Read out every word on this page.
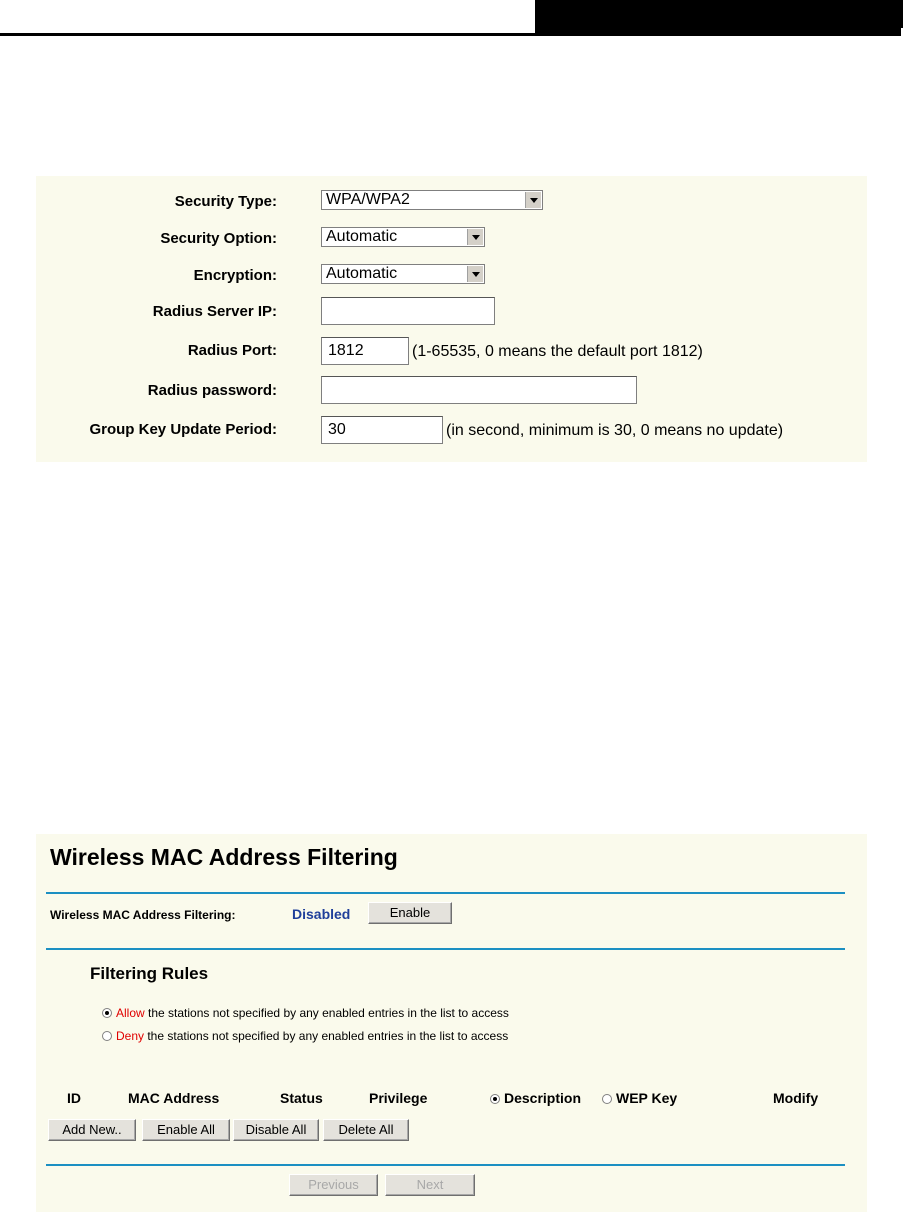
Security Type:	WPA/WPA2
Security Option:	Automatic
Encryption:	Automatic
Radius Server IP:
Radius Port:	1812	(1-65535, 0 means the default port 1812)
Radius password:
Group Key Update Period:	30	(in second, minimum is 30, 0 means no update)
Wireless MAC Address Filtering
Wireless MAC Address Filtering:	Disabled	Enable
Filtering Rules
Allow the stations not specified by any enabled entries in the list to access
Deny the stations not specified by any enabled entries in the list to access
ID	MAC Address	Status	Privilege	Description	WEP Key	Modify
Add New..	Enable All	Disable All	Delete All
Previous	Next
